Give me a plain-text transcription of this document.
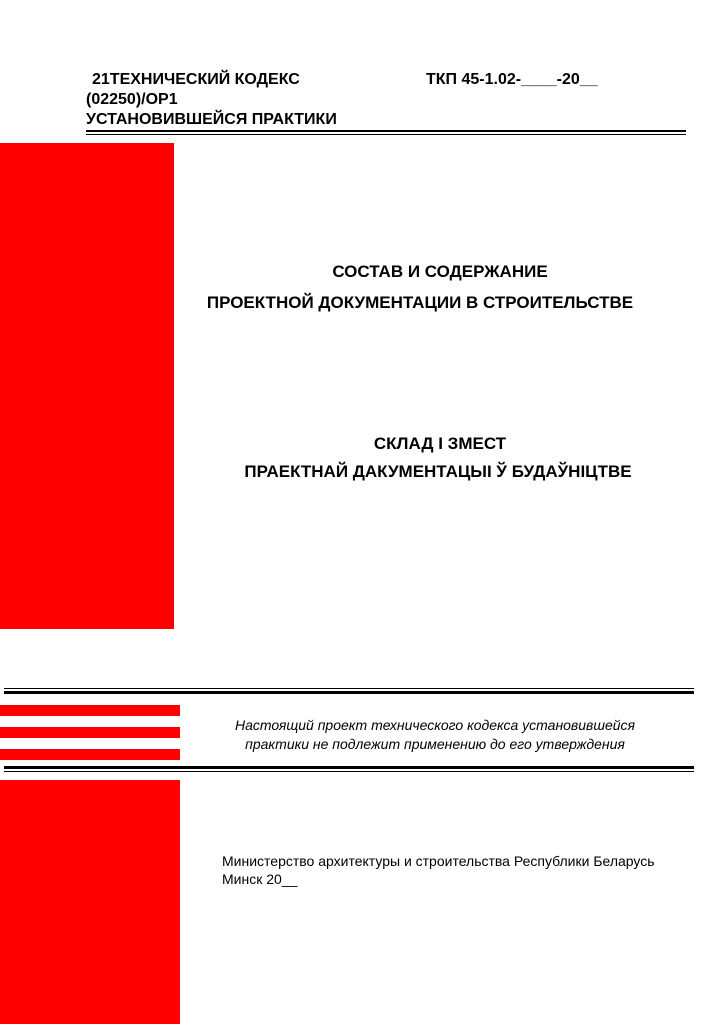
21ТЕХНИЧЕСКИЙ КОДЕКС
(02250)/ОР1
УСТАНОВИВШЕЙСЯ ПРАКТИКИ
ТКП 45-1.02-____-20__
СОСТАВ И СОДЕРЖАНИЕ
ПРОЕКТНОЙ ДОКУМЕНТАЦИИ В СТРОИТЕЛЬСТВЕ
СКЛАД І ЗМЕСТ
ПРАЕКТНАЙ ДАКУМЕНТАЦЫІ Ў БУДАЎНІЦТВЕ
Настоящий проект технического кодекса установившейся
практики не подлежит применению до его утверждения
Министерство архитектуры и строительства Республики Беларусь
Минск 20__
